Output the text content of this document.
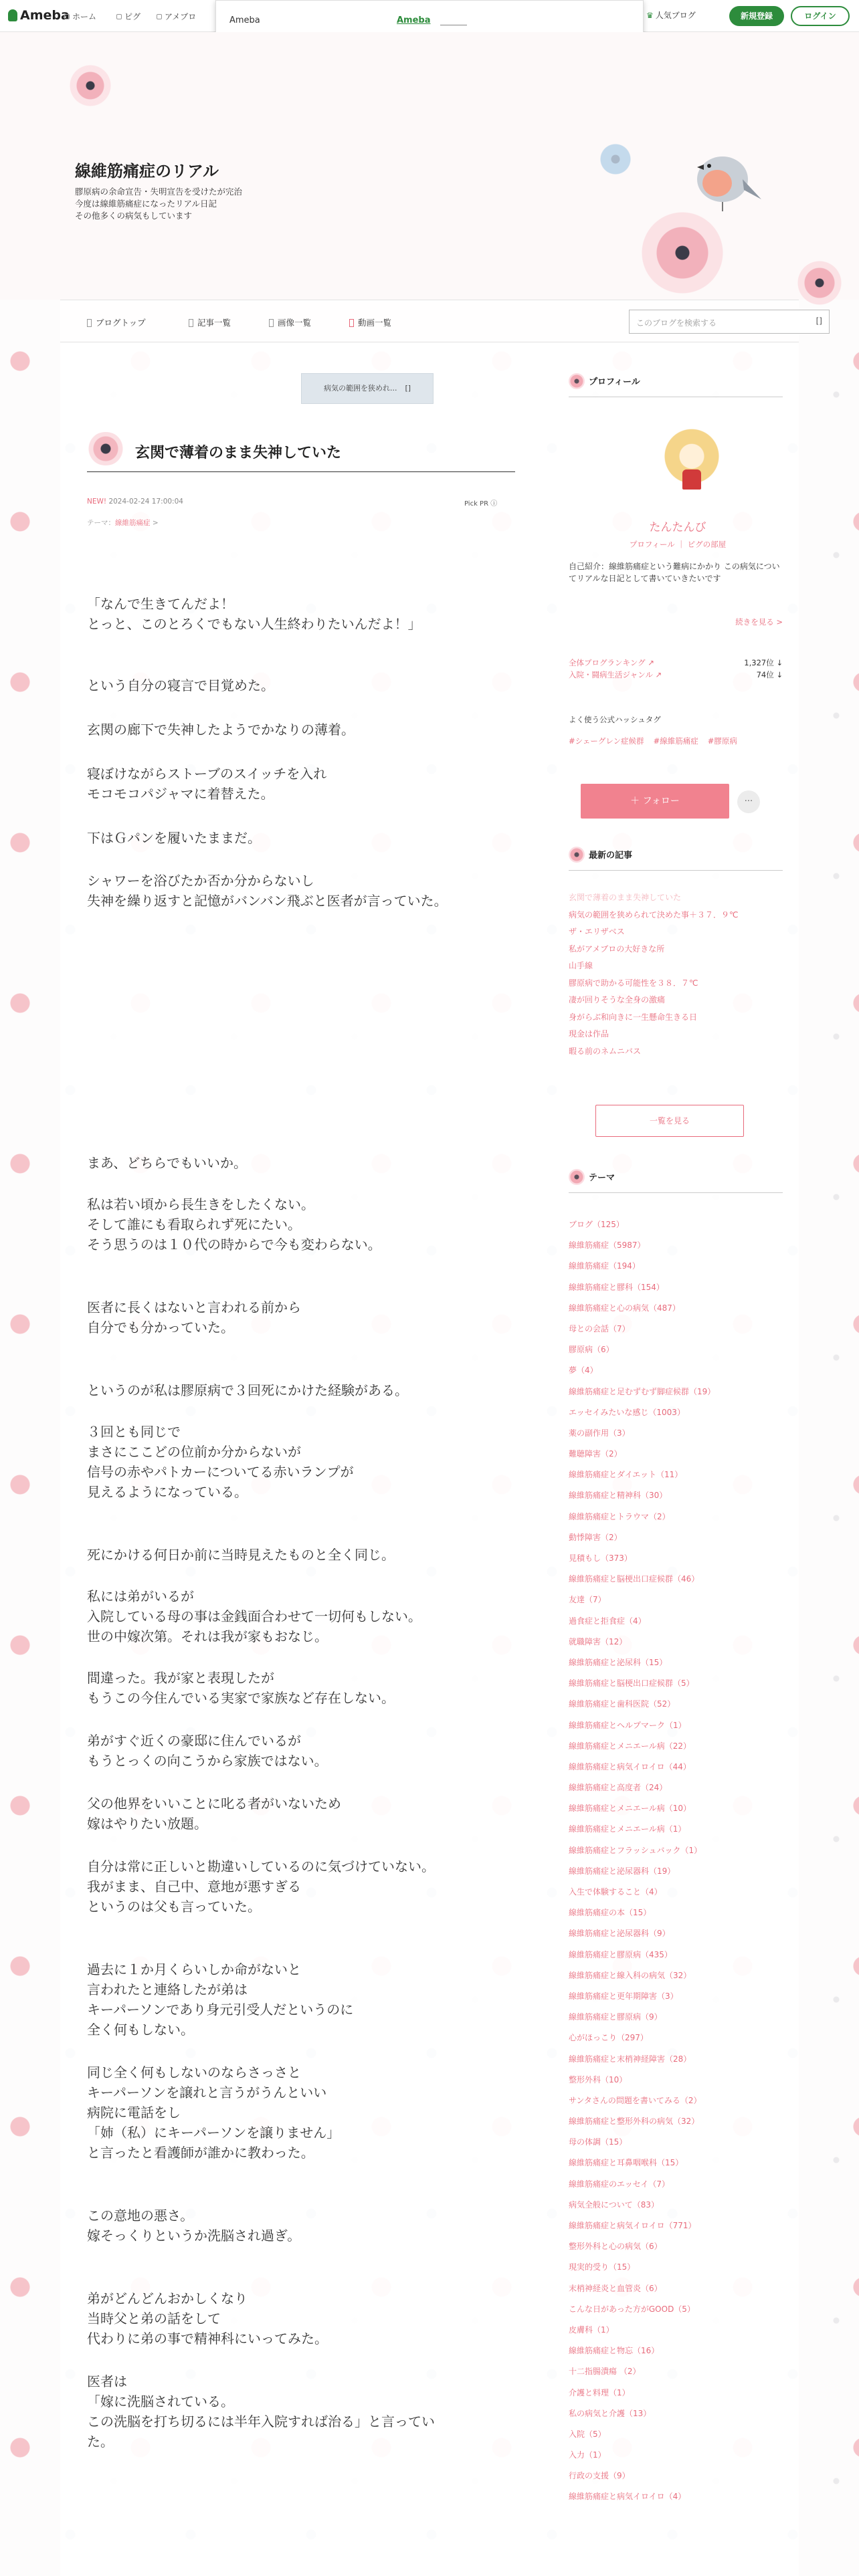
Ameba ホーム	ピグ	アメブロ	♛ 人気ブログ	新規登録	ログイン
Ameba	Ameba
線維筋痛症のリアル
膠原病の余命宣告・失明宣告を受けたが完治
今度は線維筋痛症になったリアル日記
その他多くの病気もしています
ブログトップ	記事一覧	画像一覧	動画一覧	このブログを検索する	[]
病気の範囲を狭めれ... []
玄関で薄着のまま失神していた
NEW! 2024-02-24 17:00:04	Pick PR ⓘ
テーマ：線維筋痛症 >

「なんで生きてんだよ！

とっと、このとろくでもない人生終わりたいんだよ！」

という自分の寝言で目覚めた。

玄関の廊下で失神したようでかなりの薄着。

寝ぼけながらストーブのスイッチを入れ

モコモコパジャマに着替えた。

下はＧパンを履いたままだ。

シャワーを浴びたか否か分からないし

失神を繰り返すと記憶がバンバン飛ぶと医者が言っていた。

まあ、どちらでもいいか。

私は若い頃から長生きをしたくない。

そして誰にも看取られず死にたい。

そう思うのは１０代の時からで今も変わらない。

医者に長くはないと言われる前から

自分でも分かっていた。

というのが私は膠原病で３回死にかけた経験がある。

３回とも同じで

まさにここどの位前か分からないが

信号の赤やパトカーについてる赤いランプが

見えるようになっている。

死にかける何日か前に当時見えたものと全く同じ。

私には弟がいるが

入院している母の事は金銭面合わせて一切何もしない。

世の中嫁次第。それは我が家もおなじ。

間違った。我が家と表現したが

もうこの今住んでいる実家で家族など存在しない。

弟がすぐ近くの豪邸に住んでいるが

もうとっくの向こうから家族ではない。

父の他界をいいことに叱る者がいないため

嫁はやりたい放題。

自分は常に正しいと勘違いしているのに気づけていない。

我がまま、自己中、意地が悪すぎる

というのは父も言っていた。

過去に１か月くらいしか命がないと

言われたと連絡したが弟は

キーパーソンであり身元引受人だというのに

全く何もしない。

同じ全く何もしないのならさっさと

キーパーソンを譲れと言うがうんといい

病院に電話をし

「姉（私）にキーパーソンを譲りません」

と言ったと看護師が誰かに教わった。

この意地の悪さ。

嫁そっくりというか洗脳され過ぎ。

弟がどんどんおかしくなり

当時父と弟の話をして

代わりに弟の事で精神科にいってみた。

医者は

「嫁に洗脳されている。

この洗脳を打ち切るには半年入院すれば治る」と言ってい

た。

プロフィール
たんたんび
プロフィール ｜ ピグの部屋
自己紹介：線維筋痛症という難病にかかり この病気についてリアルな日記として書いていきたいです
続きを見る >
全体ブログランキング ↗	1,327位 ↓
入院・闘病生活ジャンル ↗	74位 ↓
よく使う公式ハッシュタグ
#シェーグレン症候群 #線維筋痛症 #膠原病
＋ フォロー	···
最新の記事
玄関で薄着のまま失神していた
病気の範囲を狭められて決めた事＋３７．９℃
ザ・エリザベス
私がアメブロの大好きな所
山手線
膠原病で助かる可能性を３８．７℃
凄が回りそうな全身の激痛
身がらぶ和向きに一生懸命生きる日
現金は作品
暇る前のネムニバス
一覧を見る
テーマ
ブログ（125）
線維筋痛症（5987）
線維筋痛症（194）
線維筋痛症と膠科（154）
線維筋痛症と心の病気（487）
母との会話（7）
膠原病（6）
夢（4）
線維筋痛症と足むずむず脚症候群（19）
エッセイみたいな感じ（1003）
薬の副作用（3）
難聴障害（2）
線維筋痛症とダイエット（11）
線維筋痛症と精神科（30）
線維筋痛症とトラウマ（2）
動悸障害（2）
見積もし（373）
線維筋痛症と脳梗出口症候群（46）
友達（7）
過食症と拒食症（4）
就職障害（12）
線維筋痛症と泌尿科（15）
線維筋痛症と脳梗出口症候群（5）
線維筋痛症と歯科医院（52）
線維筋痛症とヘルプマーク（1）
線維筋痛症とメニエール病（22）
線維筋痛症と病気イロイロ（44）
線維筋痛症と高度者（24）
線維筋痛症とメニエール病（10）
線維筋痛症とメニエール病（1）
線維筋痛症とフラッシュバック（1）
線維筋痛症と泌尿器科（19）
入生で体験すること（4）
線維筋痛症の本（15）
線維筋痛症と泌尿器科（9）
線維筋痛症と膠原病（435）
線維筋痛症と線入科の病気（32）
線維筋痛症と更年期障害（3）
線維筋痛症と膠原病（9）
心がほっこり（297）
線維筋痛症と末梢神経障害（28）
整形外科（10）
サンタさんの問題を書いてみる（2）
線維筋痛症と整形外科の病気（32）
母の体調（15）
線維筋痛症と耳鼻咽喉科（15）
線維筋痛症のエッセイ（7）
病気全般について（83）
線維筋痛症と病気イロイロ（771）
整形外科と心の病気（6）
現実的受り（15）
末梢神経炎と血管炎（6）
こんな日があった方がGOOD（5）
皮膚科（1）
線維筋痛症と物忘（16）
十二指腸潰瘍 （2）
介護と料理（1）
私の病気と介護（13）
入院（5）
入力（1）
行政の支援（9）
線維筋痛症と病気イロイロ（4）
